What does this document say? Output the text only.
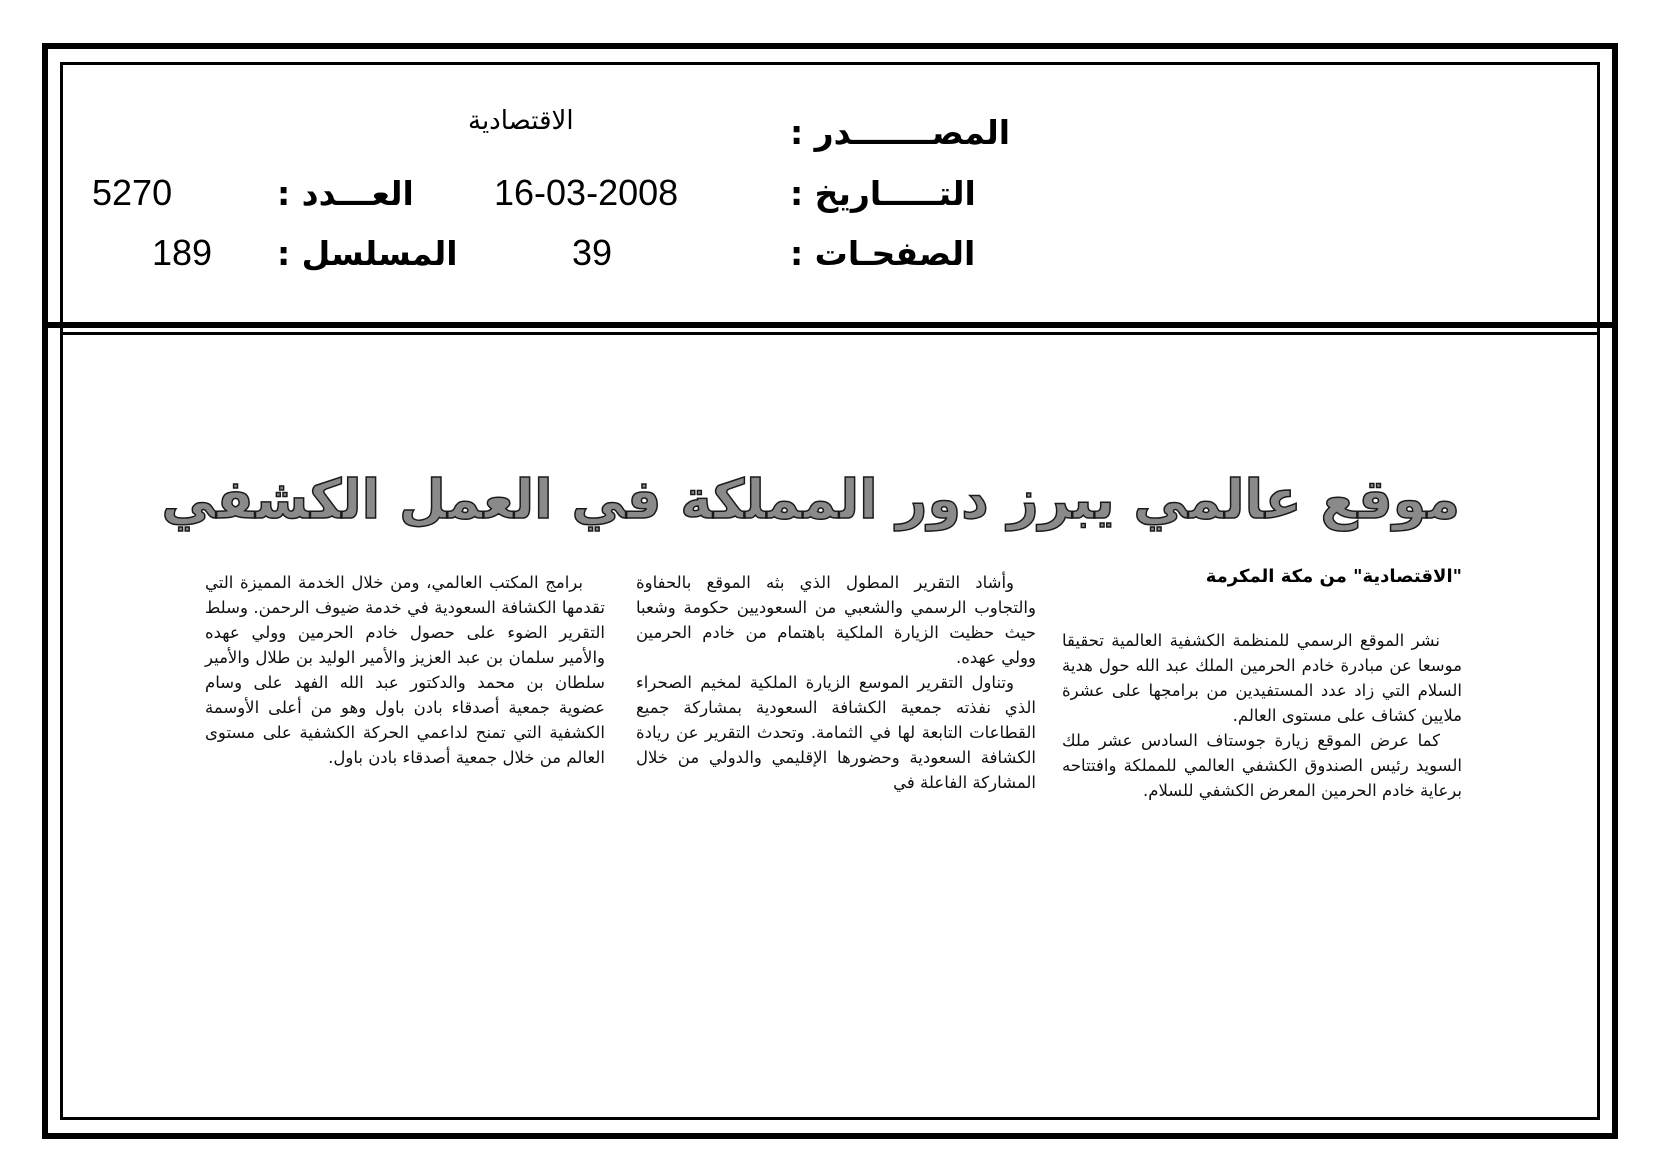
المصـــــــدر :
الاقتصادية
التـــــاريخ :
16-03-2008
العـــدد :
5270
الصفحـات :
39
المسلسل :
189
موقع عالمي يبرز دور المملكة في العمل الكشفي
"الاقتصادية" من مكة المكرمة

نشر الموقع الرسمي للمنظمة الكشفية العالمية تحقيقا موسعا عن مبادرة خادم الحرمين الملك عبد الله حول هدية السلام التي زاد عدد المستفيدين من برامجها على عشرة ملايين كشاف على مستوى العالم.

كما عرض الموقع زيارة جوستاف السادس عشر ملك السويد رئيس الصندوق الكشفي العالمي للمملكة وافتتاحه برعاية خادم الحرمين المعرض الكشفي للسلام.

وأشاد التقرير المطول الذي بثه الموقع بالحفاوة والتجاوب الرسمي والشعبي من السعوديين حكومة وشعبا حيث حظيت الزيارة الملكية باهتمام من خادم الحرمين وولي عهده.

وتناول التقرير الموسع الزيارة الملكية لمخيم الصحراء الذي نفذته جمعية الكشافة السعودية بمشاركة جميع القطاعات التابعة لها في الثمامة. وتحدث التقرير عن ريادة الكشافة السعودية وحضورها الإقليمي والدولي من خلال المشاركة الفاعلة في

برامج المكتب العالمي، ومن خلال الخدمة المميزة التي تقدمها الكشافة السعودية في خدمة ضيوف الرحمن. وسلط التقرير الضوء على حصول خادم الحرمين وولي عهده والأمير سلمان بن عبد العزيز والأمير الوليد بن طلال والأمير سلطان بن محمد والدكتور عبد الله الفهد على وسام عضوية جمعية أصدقاء بادن باول وهو من أعلى الأوسمة الكشفية التي تمنح لداعمي الحركة الكشفية على مستوى العالم من خلال جمعية أصدقاء بادن باول.
